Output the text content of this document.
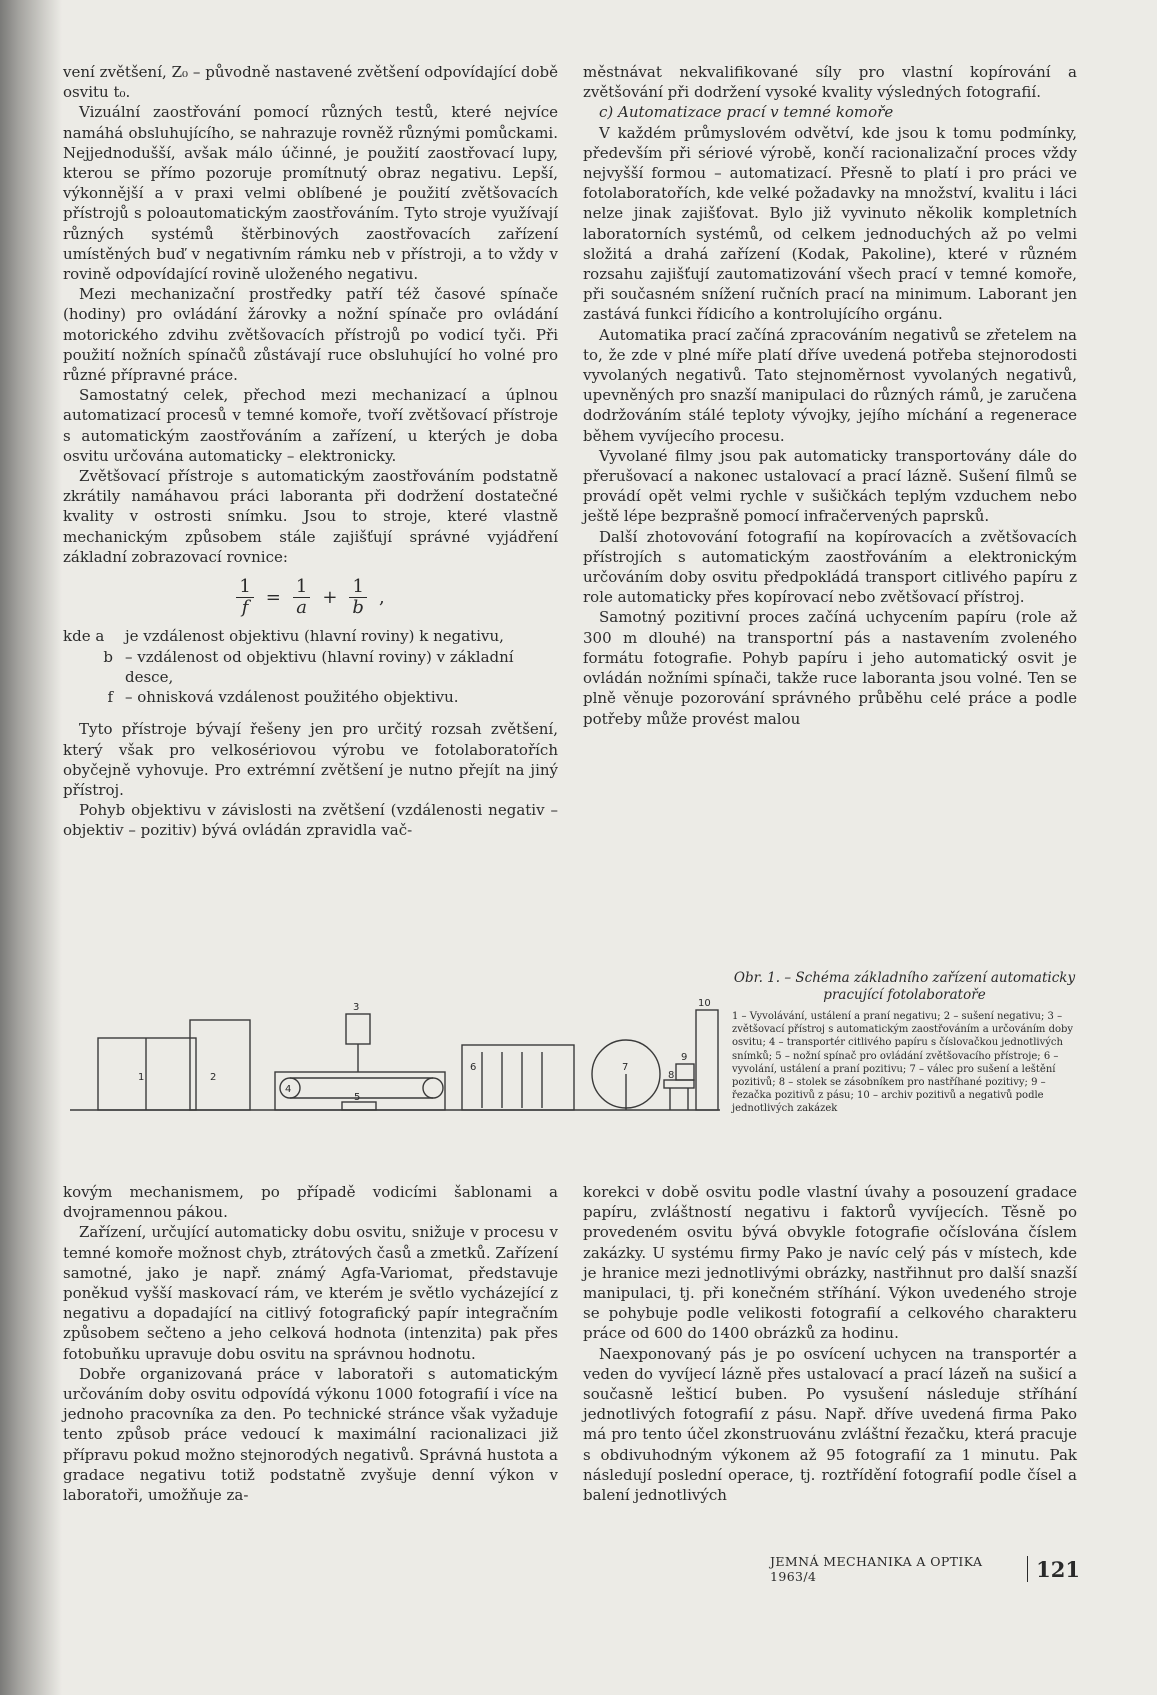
vení zvětšení, Z₀ – původně nastavené zvětšení odpovídající době osvitu t₀.

Vizuální zaostřování pomocí různých testů, které nejvíce namáhá obsluhujícího, se nahrazuje rovněž různými pomůckami. Nejjednodušší, avšak málo účinné, je použití zaostřovací lupy, kterou se přímo pozoruje promítnutý obraz negativu. Lepší, výkonnější a v praxi velmi oblíbené je použití zvětšovacích přístrojů s poloautomatickým zaostřováním. Tyto stroje využívají různých systémů štěrbinových zaostřovacích zařízení umístěných buď v negativním rámku neb v přístroji, a to vždy v rovině odpovídající rovině uloženého negativu.

Mezi mechanizační prostředky patří též časové spínače (hodiny) pro ovládání žárovky a nožní spínače pro ovládání motorického zdvihu zvětšovacích přístrojů po vodicí tyči. Při použití nožních spínačů zůstávají ruce obsluhující ho volné pro různé přípravné práce.

Samostatný celek, přechod mezi mechanizací a úplnou automatizací procesů v temné komoře, tvoří zvětšovací přístroje s automatickým zaostřováním a zařízení, u kterých je doba osvitu určována automaticky – elektronicky.

Zvětšovací přístroje s automatickým zaostřováním podstatně zkrátily namáhavou práci laboranta při dodržení dostatečné kvality v ostrosti snímku. Jsou to stroje, které vlastně mechanickým způsobem stále zajišťují správné vyjádření základní zobrazovací rovnice:

$\frac{1}{f} = \frac{1}{a} + \frac{1}{b}$ ,
kde a	je vzdálenost objektivu (hlavní roviny) k negativu,
b – vzdálenost od objektivu (hlavní roviny) v základní desce,
f – ohnisková vzdálenost použitého objektivu.

Tyto přístroje bývají řešeny jen pro určitý rozsah zvětšení, který však pro velkosériovou výrobu ve fotolaboratořích obyčejně vyhovuje. Pro extrémní zvětšení je nutno přejít na jiný přístroj.

Pohyb objektivu v závislosti na zvětšení (vzdálenosti negativ – objektiv – pozitiv) bývá ovládán zpravidla vač-

městnávat nekvalifikované síly pro vlastní kopírování a zvětšování při dodržení vysoké kvality výsledných fotografií.

c) Automatizace prací v temné komoře

V každém průmyslovém odvětví, kde jsou k tomu podmínky, především při sériové výrobě, končí racionalizační proces vždy nejvyšší formou – automatizací. Přesně to platí i pro práci ve fotolaboratořích, kde velké požadavky na množství, kvalitu i láci nelze jinak zajišťovat. Bylo již vyvinuto několik kompletních laboratorních systémů, od celkem jednoduchých až po velmi složitá a drahá zařízení (Kodak, Pakoline), které v různém rozsahu zajišťují zautomatizování všech prací v temné komoře, při současném snížení ručních prací na minimum. Laborant jen zastává funkci řídicího a kontrolujícího orgánu.

Automatika prací začíná zpracováním negativů se zřetelem na to, že zde v plné míře platí dříve uvedená potřeba stejnorodosti vyvolaných negativů. Tato stejnoměrnost vyvolaných negativů, upevněných pro snazší manipulaci do různých rámů, je zaručena dodržováním stálé teploty vývojky, jejího míchání a regenerace během vyvíjecího procesu.

Vyvolané filmy jsou pak automaticky transportovány dále do přerušovací a nakonec ustalovací a prací lázně. Sušení filmů se provádí opět velmi rychle v sušičkách teplým vzduchem nebo ještě lépe bezprašně pomocí infračervených paprsků.

Další zhotovování fotografií na kopírovacích a zvětšovacích přístrojích s automatickým zaostřováním a elektronickým určováním doby osvitu předpokládá transport citlivého papíru z role automaticky přes kopírovací nebo zvětšovací přístroj.

Samotný pozitivní proces začíná uchycením papíru (role až 300 m dlouhé) na transportní pás a nastavením zvoleného formátu fotografie. Pohyb papíru i jeho automatický osvit je ovládán nožními spínači, takže ruce laboranta jsou volné. Ten se plně věnuje pozorování správného průběhu celé práce a podle potřeby může provést malou

1	2
3
4
5
6	7
8
9
10
Obr. 1. – Schéma základního zařízení automaticky pracující fotolaboratoře
1 – Vyvolávání, ustálení a praní negativu; 2 – sušení negativu; 3 – zvětšovací přístroj s automatickým zaostřováním a určováním doby osvitu; 4 – transportér citlivého papíru s číslovačkou jednotlivých snímků; 5 – nožní spínač pro ovládání zvětšovacího přístroje; 6 – vyvolání, ustálení a praní pozitivu; 7 – válec pro sušení a leštění pozitivů; 8 – stolek se zásobníkem pro nastříhané pozitivy; 9 – řezačka pozitivů z pásu; 10 – archiv pozitivů a negativů podle jednotlivých zakázek

kovým mechanismem, po případě vodicími šablonami a dvojramennou pákou.

Zařízení, určující automaticky dobu osvitu, snižuje v procesu v temné komoře možnost chyb, ztrátových časů a zmetků. Zařízení samotné, jako je např. známý Agfa-Variomat, představuje poněkud vyšší maskovací rám, ve kterém je světlo vycházející z negativu a dopadající na citlivý fotografický papír integračním způsobem sečteno a jeho celková hodnota (intenzita) pak přes fotobuňku upravuje dobu osvitu na správnou hodnotu.

Dobře organizovaná práce v laboratoři s automatickým určováním doby osvitu odpovídá výkonu 1000 fotografií i více na jednoho pracovníka za den. Po technické stránce však vyžaduje tento způsob práce vedoucí k maximální racionalizaci již přípravu pokud možno stejnorodých negativů. Správná hustota a gradace negativu totiž podstatně zvyšuje denní výkon v laboratoři, umožňuje za-

korekci v době osvitu podle vlastní úvahy a posouzení gradace papíru, zvláštností negativu i faktorů vyvíjecích. Těsně po provedeném osvitu bývá obvykle fotografie očíslována číslem zakázky. U systému firmy Pako je navíc celý pás v místech, kde je hranice mezi jednotlivými obrázky, nastřihnut pro další snazší manipulaci, tj. při konečném stříhání. Výkon uvedeného stroje se pohybuje podle velikosti fotografií a celkového charakteru práce od 600 do 1400 obrázků za hodinu.

Naexponovaný pás je po osvícení uchycen na transportér a veden do vyvíjecí lázně přes ustalovací a prací lázeň na sušicí a současně lešticí buben. Po vysušení následuje stříhání jednotlivých fotografií z pásu. Např. dříve uvedená firma Pako má pro tento účel zkonstruovánu zvláštní řezačku, která pracuje s obdivuhodným výkonem až 95 fotografií za 1 minutu. Pak následují poslední operace, tj. roztřídění fotografií podle čísel a balení jednotlivých

JEMNÁ MECHANIKA A OPTIKA 1963/4	121
